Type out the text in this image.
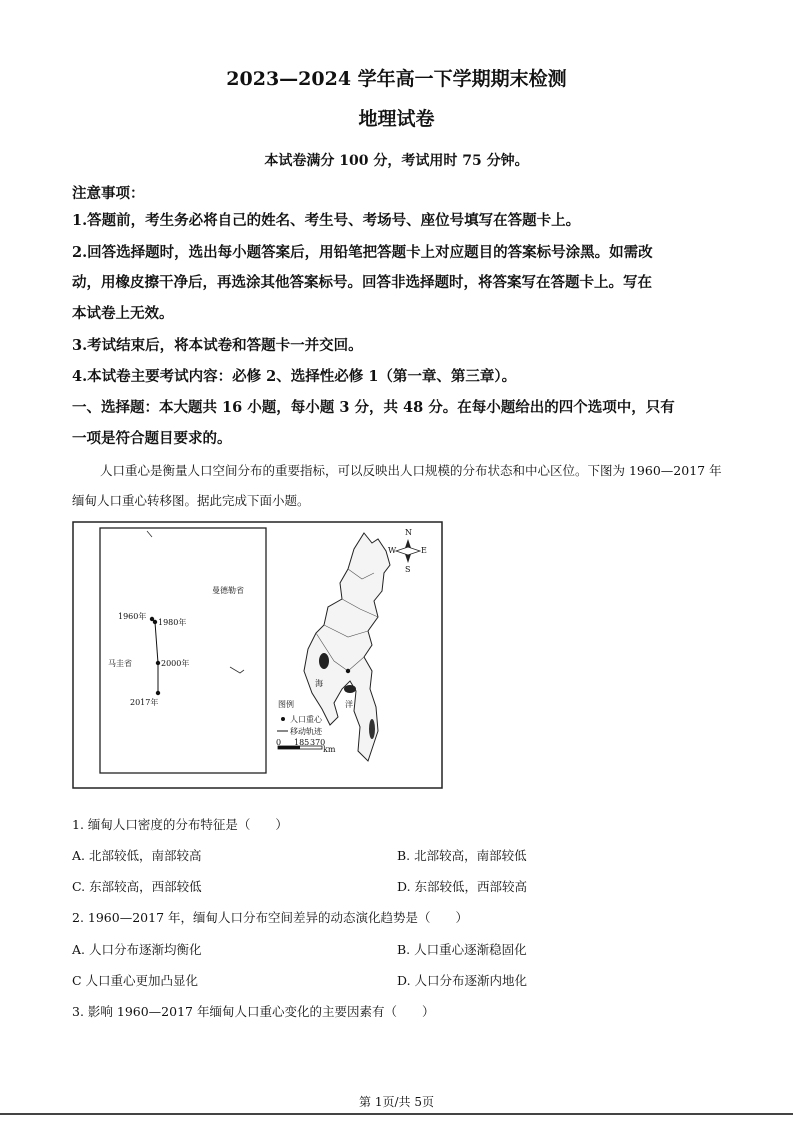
2023—2024 学年高一下学期期末检测
地理试卷
本试卷满分 100 分，考试用时 75 分钟。
注意事项：
1.答题前，考生务必将自己的姓名、考生号、考场号、座位号填写在答题卡上。
2.回答选择题时，选出每小题答案后，用铅笔把答题卡上对应题目的答案标号涂黑。如需改
动，用橡皮擦干净后，再选涂其他答案标号。回答非选择题时，将答案写在答题卡上。写在
本试卷上无效。
3.考试结束后，将本试卷和答题卡一并交回。
4.本试卷主要考试内容：必修 2、选择性必修 1（第一章、第三章）。
一、选择题：本大题共 16 小题，每小题 3 分，共 48 分。在每小题给出的四个选项中，只有
一项是符合题目要求的。
人口重心是衡量人口空间分布的重要指标，可以反映出人口规模的分布状态和中心区位。下图为 1960—2017 年缅甸人口重心转移图。据此完成下面小题。
曼德勒省
马圭省
1960年
1980年
2000年
2017年
海
洋
N
S
E
W
图例
人口重心
移动轨迹
0 185 370
km
1. 缅甸人口密度的分布特征是（　　）
A. 北部较低，南部较高	B. 北部较高，南部较低
C. 东部较高，西部较低	D. 东部较低，西部较高
2. 1960—2017 年，缅甸人口分布空间差异的动态演化趋势是（　　）
A. 人口分布逐渐均衡化	B. 人口重心逐渐稳固化
C 人口重心更加凸显化	D. 人口分布逐渐内地化
3. 影响 1960—2017 年缅甸人口重心变化的主要因素有（　　）
第 1页/共 5页
